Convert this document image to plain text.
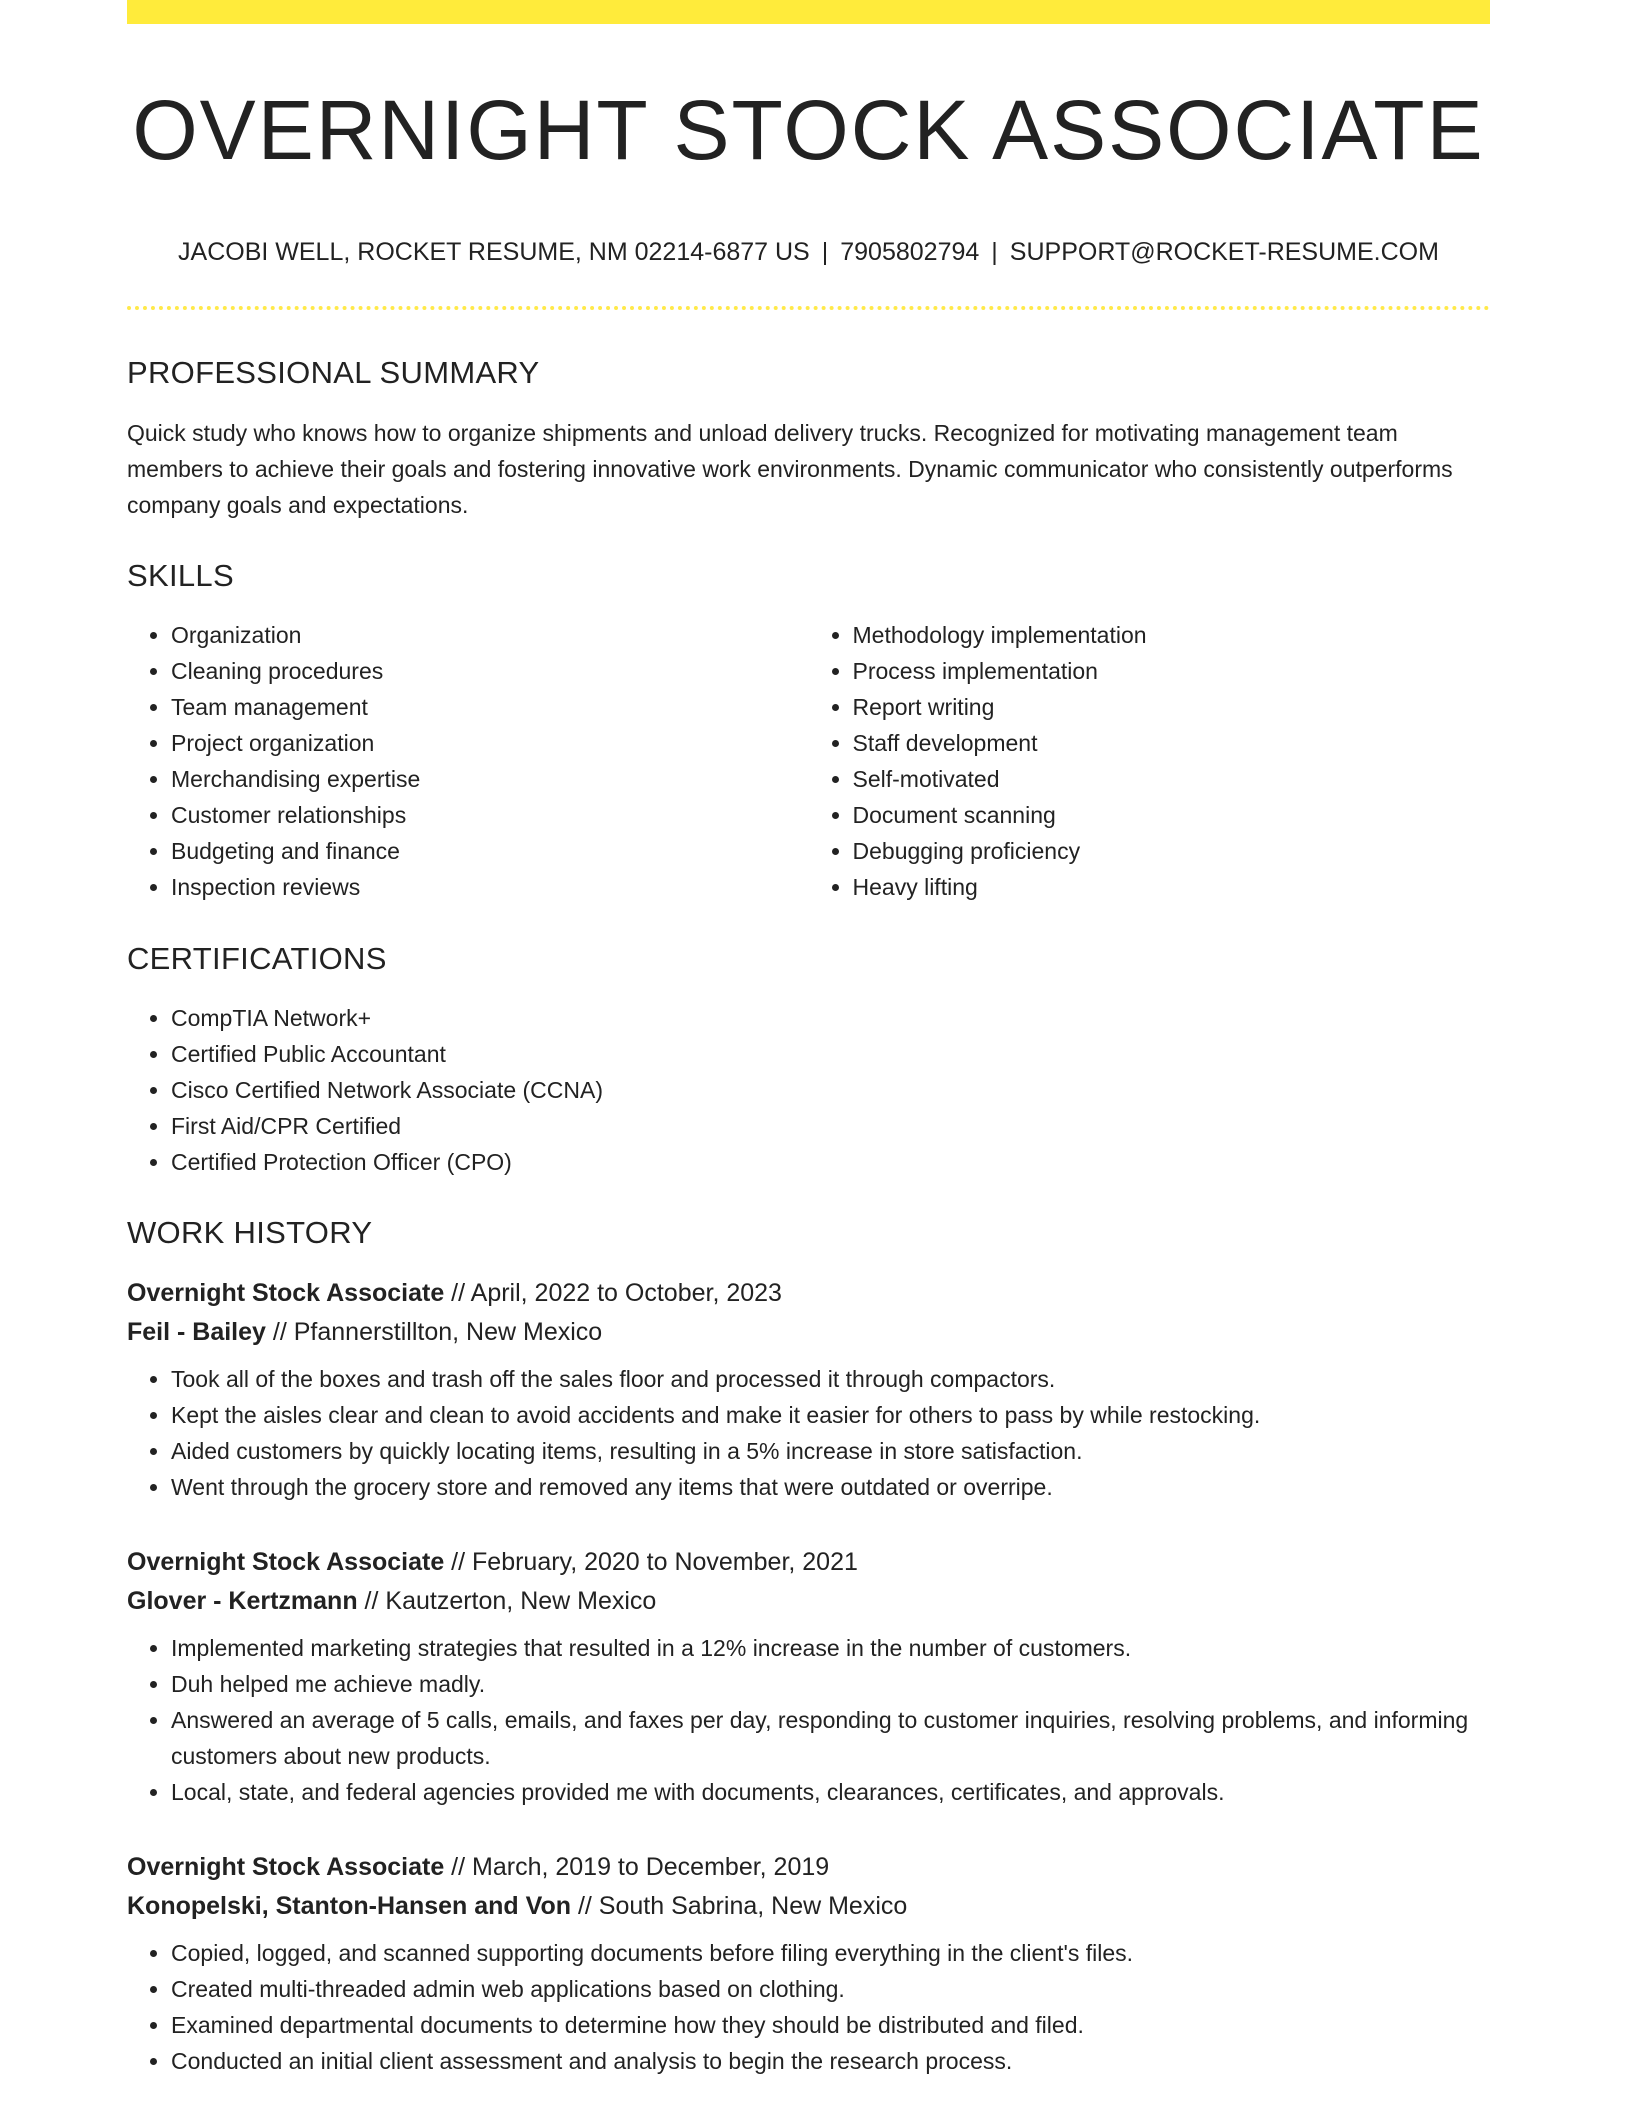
OVERNIGHT STOCK ASSOCIATE
JACOBI WELL, ROCKET RESUME, NM 02214-6877 US | 7905802794 | SUPPORT@ROCKET-RESUME.COM
PROFESSIONAL SUMMARY

Quick study who knows how to organize shipments and unload delivery trucks. Recognized for motivating management team members to achieve their goals and fostering innovative work environments. Dynamic communicator who consistently outperforms company goals and expectations.

SKILLS
• Organization
• Cleaning procedures
• Team management
• Project organization
• Merchandising expertise
• Customer relationships
• Budgeting and finance
• Inspection reviews
• Methodology implementation
• Process implementation
• Report writing
• Staff development
• Self-motivated
• Document scanning
• Debugging proficiency
• Heavy lifting
CERTIFICATIONS
• CompTIA Network+
• Certified Public Accountant
• Cisco Certified Network Associate (CCNA)
• First Aid/CPR Certified
• Certified Protection Officer (CPO)
WORK HISTORY
Overnight Stock Associate // April, 2022 to October, 2023
Feil - Bailey // Pfannerstillton, New Mexico
• Took all of the boxes and trash off the sales floor and processed it through compactors.
• Kept the aisles clear and clean to avoid accidents and make it easier for others to pass by while restocking.
• Aided customers by quickly locating items, resulting in a 5% increase in store satisfaction.
• Went through the grocery store and removed any items that were outdated or overripe.
Overnight Stock Associate // February, 2020 to November, 2021
Glover - Kertzmann // Kautzerton, New Mexico
• Implemented marketing strategies that resulted in a 12% increase in the number of customers.
• Duh helped me achieve madly.
• Answered an average of 5 calls, emails, and faxes per day, responding to customer inquiries, resolving problems, and informing customers about new products.
• Local, state, and federal agencies provided me with documents, clearances, certificates, and approvals.
Overnight Stock Associate // March, 2019 to December, 2019
Konopelski, Stanton-Hansen and Von // South Sabrina, New Mexico
• Copied, logged, and scanned supporting documents before filing everything in the client's files.
• Created multi-threaded admin web applications based on clothing.
• Examined departmental documents to determine how they should be distributed and filed.
• Conducted an initial client assessment and analysis to begin the research process.
